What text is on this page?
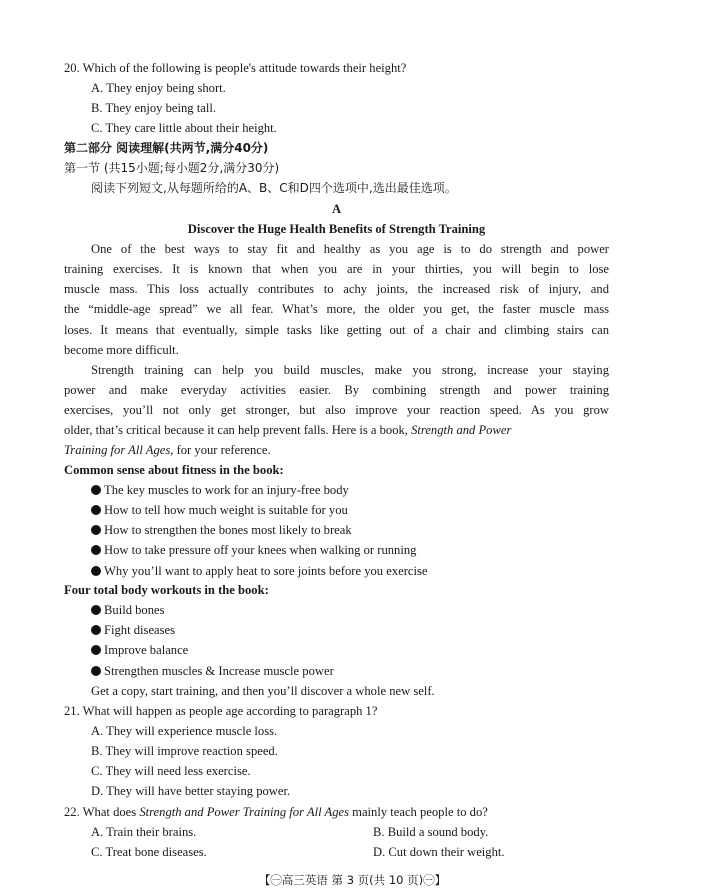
20. Which of the following is people's attitude towards their height?
A. They enjoy being short.
B. They enjoy being tall.
C. They care little about their height.
第二部分 阅读理解(共两节,满分40分)
第一节 (共15小题;每小题2分,满分30分)
阅读下列短文,从每题所给的A、B、C和D四个选项中,选出最佳选项。
A
Discover the Huge Health Benefits of Strength Training
One of the best ways to stay fit and healthy as you age is to do strength and power
training exercises. It is known that when you are in your thirties, you will begin to lose
muscle mass. This loss actually contributes to achy joints, the increased risk of injury, and
the “middle-age spread” we all fear. What’s more, the older you get, the faster muscle mass
loses. It means that eventually, simple tasks like getting out of a chair and climbing stairs can
become more difficult.
Strength training can help you build muscles, make you strong, increase your staying
power and make everyday activities easier. By combining strength and power training
exercises, you’ll not only get stronger, but also improve your reaction speed. As you grow
older, that’s critical because it can help prevent falls. Here is a book, Strength and Power
Training for All Ages, for your reference.
Common sense about fitness in the book:
The key muscles to work for an injury-free body
How to tell how much weight is suitable for you
How to strengthen the bones most likely to break
How to take pressure off your knees when walking or running
Why you’ll want to apply heat to sore joints before you exercise
Four total body workouts in the book:
Build bones
Fight diseases
Improve balance
Strengthen muscles & Increase muscle power
Get a copy, start training, and then you’ll discover a whole new self.
21. What will happen as people age according to paragraph 1?
A. They will experience muscle loss.
B. They will improve reaction speed.
C. They will need less exercise.
D. They will have better staying power.
22. What does Strength and Power Training for All Ages mainly teach people to do?
A. Train their brains.	B. Build a sound body.
C. Treat bone diseases.	D. Cut down their weight.
【㊀高三英语 第 3 页(共 10 页)㊀】
